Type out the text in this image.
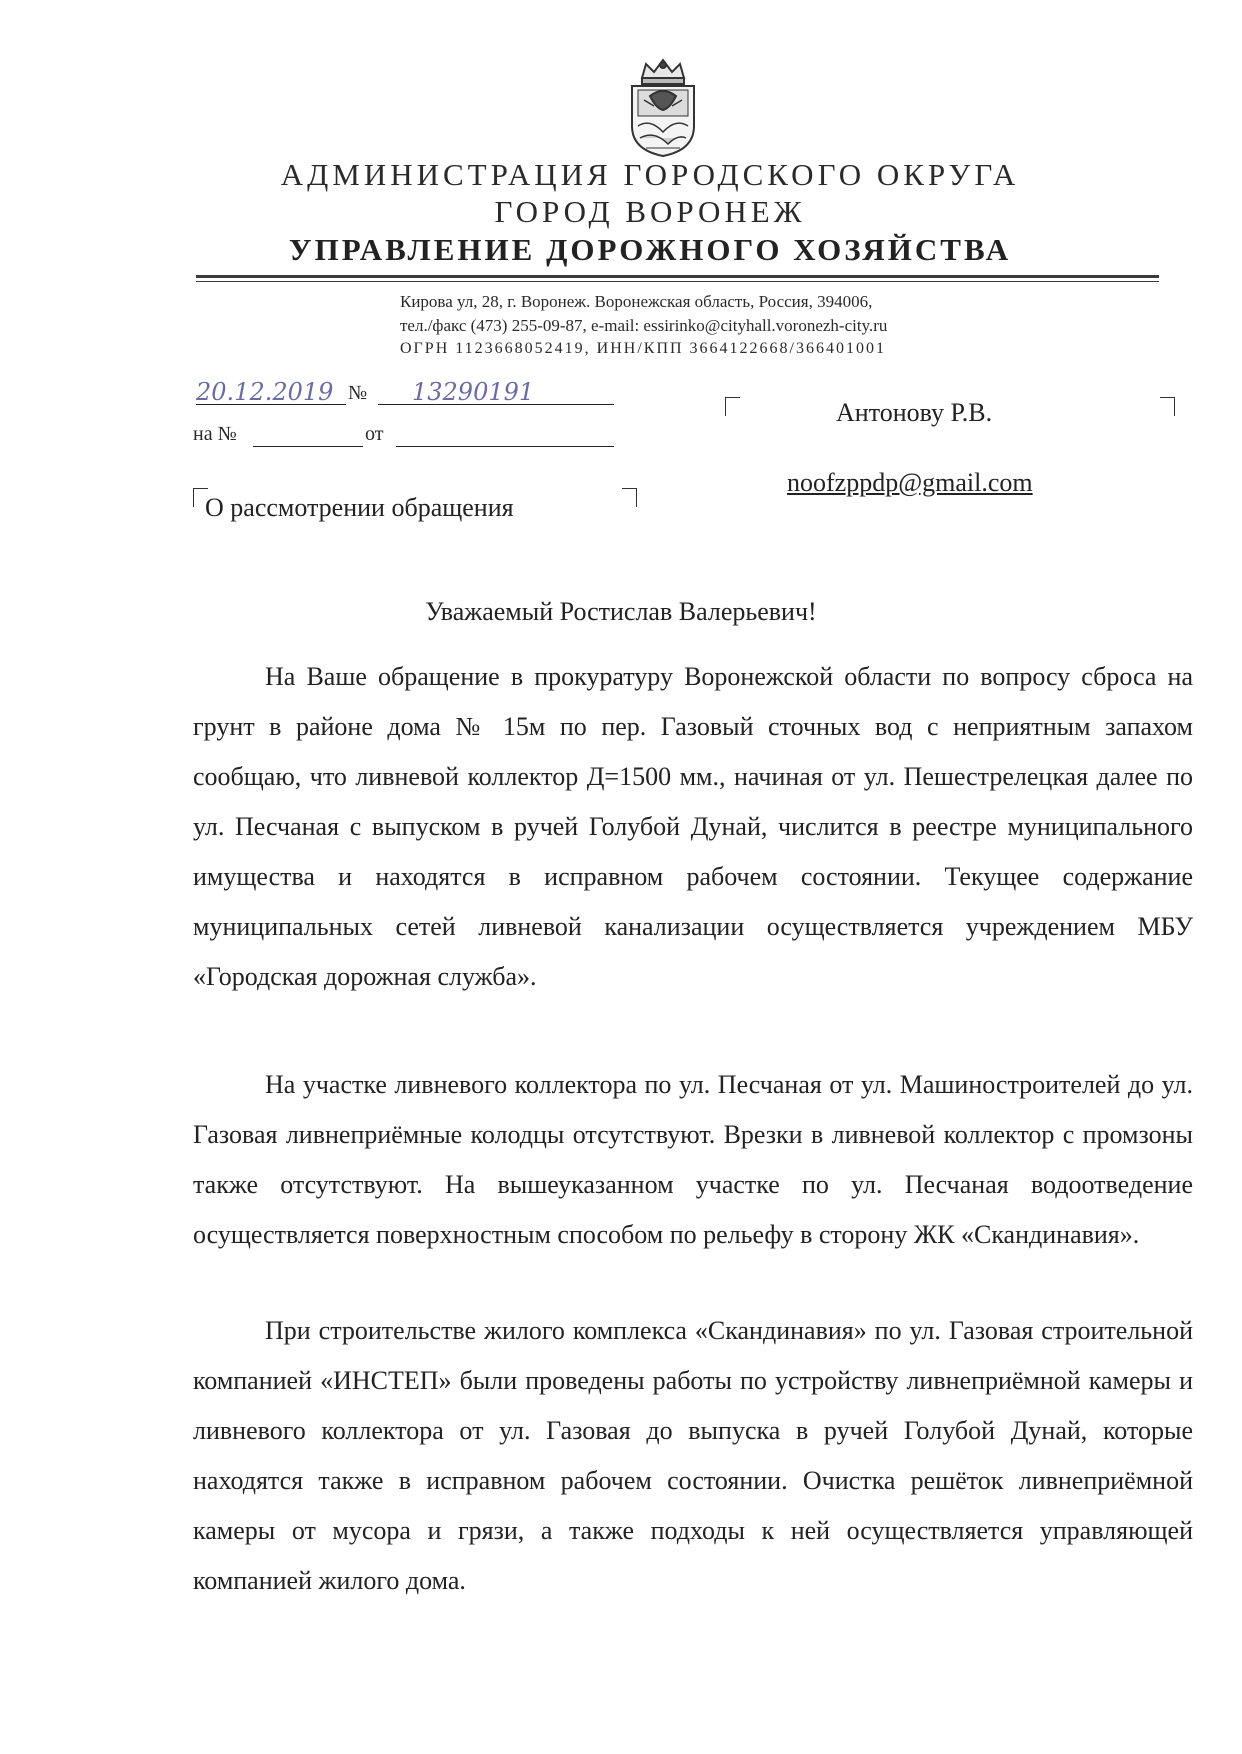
АДМИНИСТРАЦИЯ ГОРОДСКОГО ОКРУГА
ГОРОД ВОРОНЕЖ
УПРАВЛЕНИЕ ДОРОЖНОГО ХОЗЯЙСТВА
Кирова ул, 28, г. Воронеж. Воронежская область, Россия, 394006,
тел./факс (473) 255-09-87, e-mail: essirinko@cityhall.voronezh-city.ru
ОГРН 1123668052419, ИНН/КПП 3664122668/366401001
20.12.2019 № 13290191
на №	от
Антонову Р.В.
noofzppdp@gmail.com
О рассмотрении обращения
Уважаемый Ростислав Валерьевич!

На Ваше обращение в прокуратуру Воронежской области по вопросу сброса на грунт в районе дома № 15м по пер. Газовый сточных вод с неприятным запахом сообщаю, что ливневой коллектор Д=1500 мм., начиная от ул. Пешестрелецкая далее по ул. Песчаная с выпуском в ручей Голубой Дунай, числится в реестре муниципального имущества и находятся в исправном рабочем состоянии. Текущее содержание муниципальных сетей ливневой канализации осуществляется учреждением МБУ «Городская дорожная служба».

На участке ливневого коллектора по ул. Песчаная от ул. Машиностроителей до ул. Газовая ливнеприёмные колодцы отсутствуют. Врезки в ливневой коллектор с промзоны также отсутствуют. На вышеуказанном участке по ул. Песчаная водоотведение осуществляется поверхностным способом по рельефу в сторону ЖК «Скандинавия».

При строительстве жилого комплекса «Скандинавия» по ул. Газовая строительной компанией «ИНСТЕП» были проведены работы по устройству ливнеприёмной камеры и ливневого коллектора от ул. Газовая до выпуска в ручей Голубой Дунай, которые находятся также в исправном рабочем состоянии. Очистка решёток ливнеприёмной камеры от мусора и грязи, а также подходы к ней осуществляется управляющей компанией жилого дома.
